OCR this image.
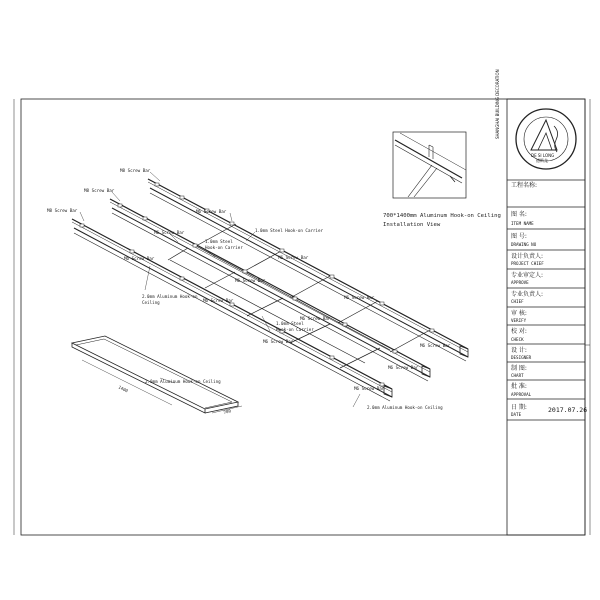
SHANGHAI BUILDING DECORATION
DE SI LONG
德斯龙
工程名称:
图 名:
ITEM NAME
图 号:
DRAWING NO
设计负责人:
PROJECT CHIEF
专业审定人:
APPROVE
专业负责人:
CHIEF
审 核:
VERIFY
校 对:
CHECK
设 计:
DESIGNER
制 图:
CHART
批 准:
APPROVAL
日 期:
DATE
2017.07.26
1400
700
M8 Screw Bar
M8 Screw Bar
M8 Screw Bar	M6 Screw Bar
M6 Screw Bar
M6 Screw Bar	M6 Screw Bar
M6 Screw Bar
M6 Screw Bar
M6 Screw Bar
M6 Screw Bar
M6 Screw Bar
M6 Screw Bar
M6 Screw Bar
M6 Screw Bar
1.0mm Steel Hook-on Carrier
1.0mm Steel
Hook-on Carrier
1.0mm Steel
Hook-on Carrier
2.0mm Aluminum Hook-on
Ceiling
2.0mm Aluminum Hook-on Ceiling
2.0mm Aluminum Hook-on Ceiling
700*1400mm Aluminum Hook-on Ceiling
Installation View
